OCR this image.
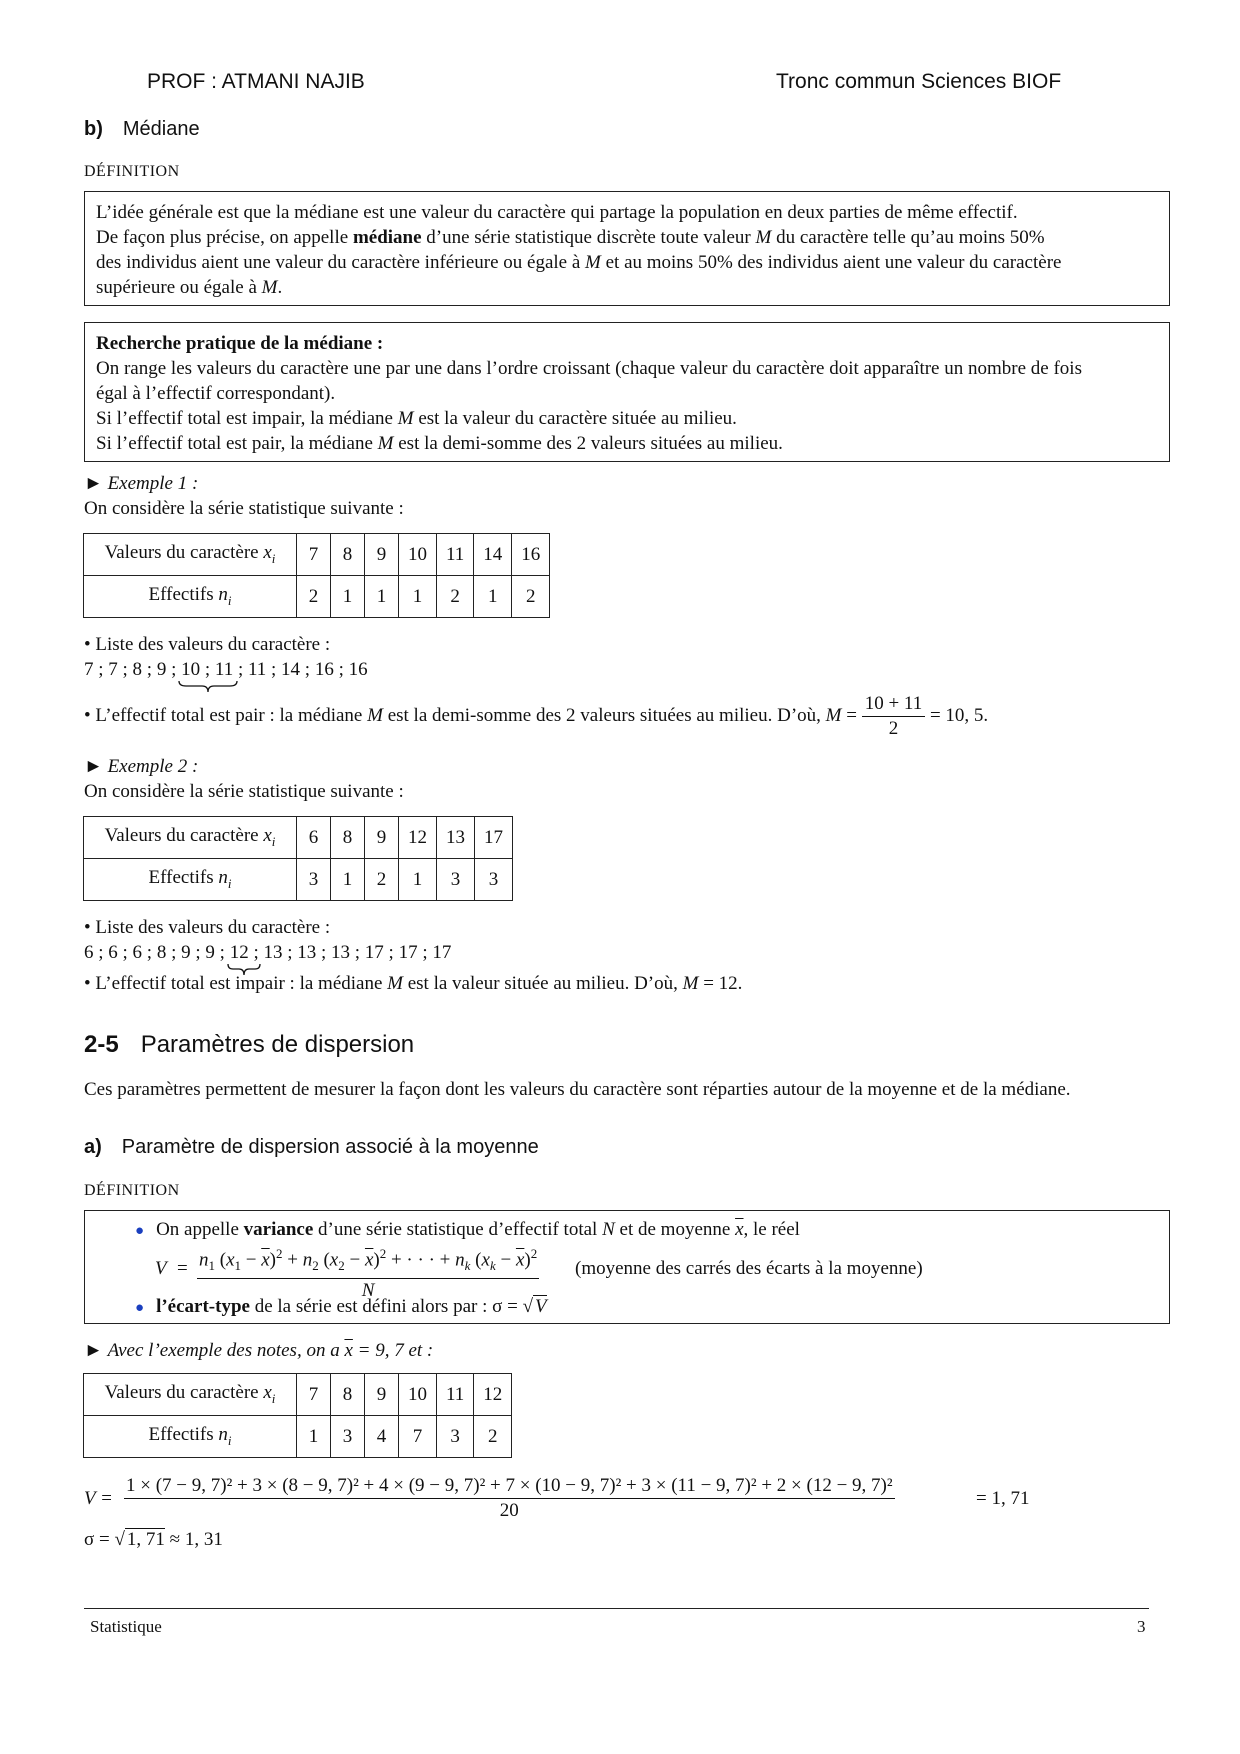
PROF : ATMANI NAJIB	Tronc commun Sciences BIOF
b) Médiane
DÉFINITION
L’idée générale est que la médiane est une valeur du caractère qui partage la population en deux parties de même effectif.
De façon plus précise, on appelle médiane d’une série statistique discrète toute valeur M du caractère telle qu’au moins 50%
des individus aient une valeur du caractère inférieure ou égale à M et au moins 50% des individus aient une valeur du caractère
supérieure ou égale à M.
Recherche pratique de la médiane :
On range les valeurs du caractère une par une dans l’ordre croissant (chaque valeur du caractère doit apparaître un nombre de fois
égal à l’effectif correspondant).
Si l’effectif total est impair, la médiane M est la valeur du caractère située au milieu.
Si l’effectif total est pair, la médiane M est la demi-somme des 2 valeurs situées au milieu.
► Exemple 1 :
On considère la série statistique suivante :
Valeurs du caractère $x_i$	7	8	9	10	11	14	16
Effectifs $n_i$	2	1	1	1	2	1	2
• Liste des valeurs du caractère :
7 ; 7 ; 8 ; 9 ; 10 ; 11
; 11 ; 14 ; 16 ; 16
• L’effectif total est pair : la médiane M est la demi-somme des 2 valeurs situées au milieu. D’où, $M = \frac{10 + 11}{2} = 10$, 5.
► Exemple 2 :
On considère la série statistique suivante :
Valeurs du caractère $x_i$	6	8	9	12	13	17
Effectifs $n_i$	3	1	2	1	3	3
• Liste des valeurs du caractère :
6 ; 6 ; 6 ; 8 ; 9 ; 9 ; 12
; 13 ; 13 ; 13 ; 17 ; 17 ; 17
• L’effectif total est impair : la médiane M est la valeur située au milieu. D’où, M = 12.
2-5 Paramètres de dispersion
Ces paramètres permettent de mesurer la façon dont les valeurs du caractère sont réparties autour de la moyenne et de la médiane.
a) Paramètre de dispersion associé à la moyenne
DÉFINITION
● On appelle variance d’une série statistique d’effectif total N et de moyenne $\overline{x}$, le réel
$V = n_1$ $(x_1 - \overline{x})^2 + n_2$ $(x_2 - \overline{x})^2$ + · · · + $n_k$ $(x_k - \overline{x})^2$
N
(moyenne des carrés des écarts à la moyenne)
● l’écart-type de la série est défini alors par : σ = √ V
► Avec l’exemple des notes, on a $\overline{x} = 9$, 7 et :
Valeurs du caractère $x_i$	7	8	9	10	11	12
Effectifs $n_i$	1	3	4	7	3	2
V =
1 × (7 − 9, 7)² + 3 × (8 − 9, 7)² + 4 × (9 − 9, 7)² + 7 × (10 − 9, 7)² + 3 × (11 − 9, 7)² + 2 × (12 − 9, 7)²
20
= 1, 71
σ = √ 1, 71 ≈ 1, 31
Statistique	3
